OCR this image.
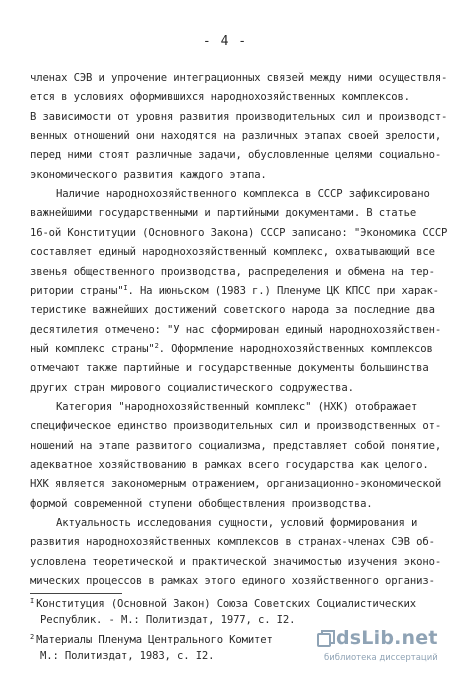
- 4 -
членах СЭВ и упрочение интеграционных связей между ними осуществля-
ется в условиях оформившихся народнохозяйственных комплексов.
В зависимости от уровня развития производительных сил и производст-
венных отношений они находятся на различных этапах своей зрелости,
перед ними стоят различные задачи, обусловленные целями социально-
экономического развития каждого этапа.
Наличие народнохозяйственного комплекса в СССР зафиксировано
важнейшими государственными и партийными документами. В статье
16-ой Конституции (Основного Закона) СССР записано: "Экономика СССР
составляет единый народнохозяйственный комплекс, охватывающий все
звенья общественного производства, распределения и обмена на тер-
ритории страны"$^I$. На июньском (1983 г.) Пленуме ЦК КПСС при харак-
теристике важнейших достижений советского народа за последние два
десятилетия отмечено: "У нас сформирован единый народнохозяйствен-
ный комплекс страны"$^2$. Оформление народнохозяйственных комплексов
отмечают также партийные и государственные документы большинства
других стран мирового социалистического содружества.
Категория "народнохозяйственный комплекс" (НХК) отображает
специфическое единство производительных сил и производственных от-
ношений на этапе развитого социализма, представляет собой понятие,
адекватное хозяйствованию в рамках всего государства как целого.
НХК является закономерным отражением, организационно-экономической
формой современной ступени обобществления производства.
Актуальность исследования сущности, условий формирования и
развития народнохозяйственных комплексов в странах-членах СЭВ об-
условлена теоретической и практической значимостью изучения эконо-
мических процессов в рамках этого единого хозяйственного организ-
$^I$ Конституция (Основной Закон) Союза Советских Социалистических
Республик. - М.: Политиздат, 1977, с. I2.
$^2$ Материалы Пленума Центрального Комитет
М.: Политиздат, 1983, с. I2.
dsLib.net
библиотека диссертаций
